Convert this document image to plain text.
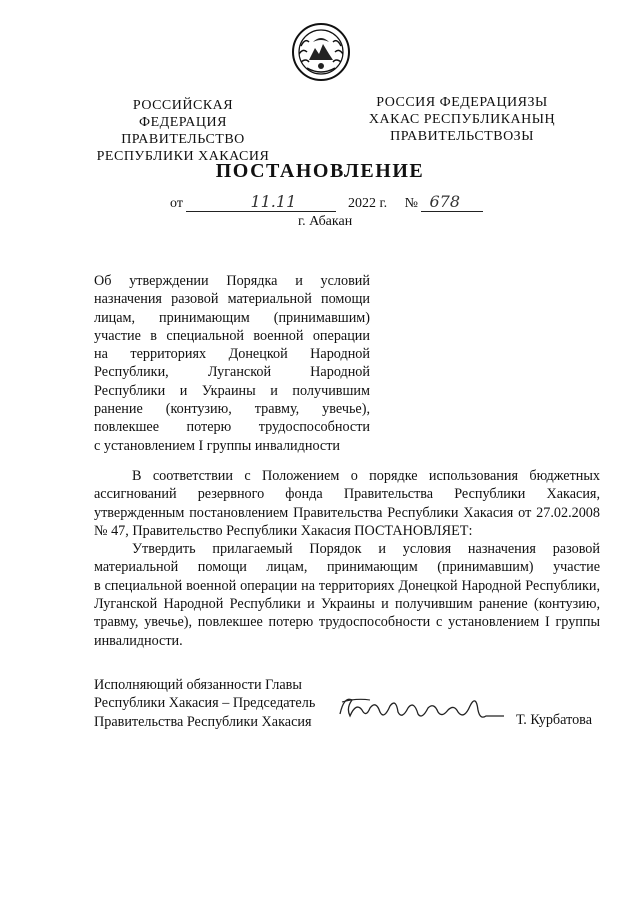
РОССИЙСКАЯ ФЕДЕРАЦИЯ
ПРАВИТЕЛЬСТВО
РЕСПУБЛИКИ ХАКАСИЯ
РОССИЯ ФЕДЕРАЦИЯЗЫ
ХАКАС РЕСПУБЛИКАНЫҢ
ПРАВИТЕЛЬСТВОЗЫ
ПОСТАНОВЛЕНИЕ
от	11.11	2022 г. № 678
г. Абакан

Об утверждении Порядка и условий

назначения разовой материальной помощи

лицам, принимающим (принимавшим)

участие в специальной военной операции

на территориях Донецкой Народной

Республики, Луганской Народной

Республики и Украины и получившим

ранение (контузию, травму, увечье),

повлекшее потерю трудоспособности

с установлением I группы инвалидности

В соответствии с Положением о порядке использования бюджетных
ассигнований резервного фонда Правительства Республики Хакасия,
утвержденным постановлением Правительства Республики Хакасия от 27.02.2008
№ 47, Правительство Республики Хакасия ПОСТАНОВЛЯЕТ:
Утвердить прилагаемый Порядок и условия назначения разовой
материальной помощи лицам, принимающим (принимавшим) участие
в специальной военной операции на территориях Донецкой Народной Республики,
Луганской Народной Республики и Украины и получившим ранение (контузию,
травму, увечье), повлекшее потерю трудоспособности с установлением I группы
инвалидности.
Исполняющий обязанности Главы
Республики Хакасия – Председатель
Правительства Республики Хакасия	Т. Курбатова
